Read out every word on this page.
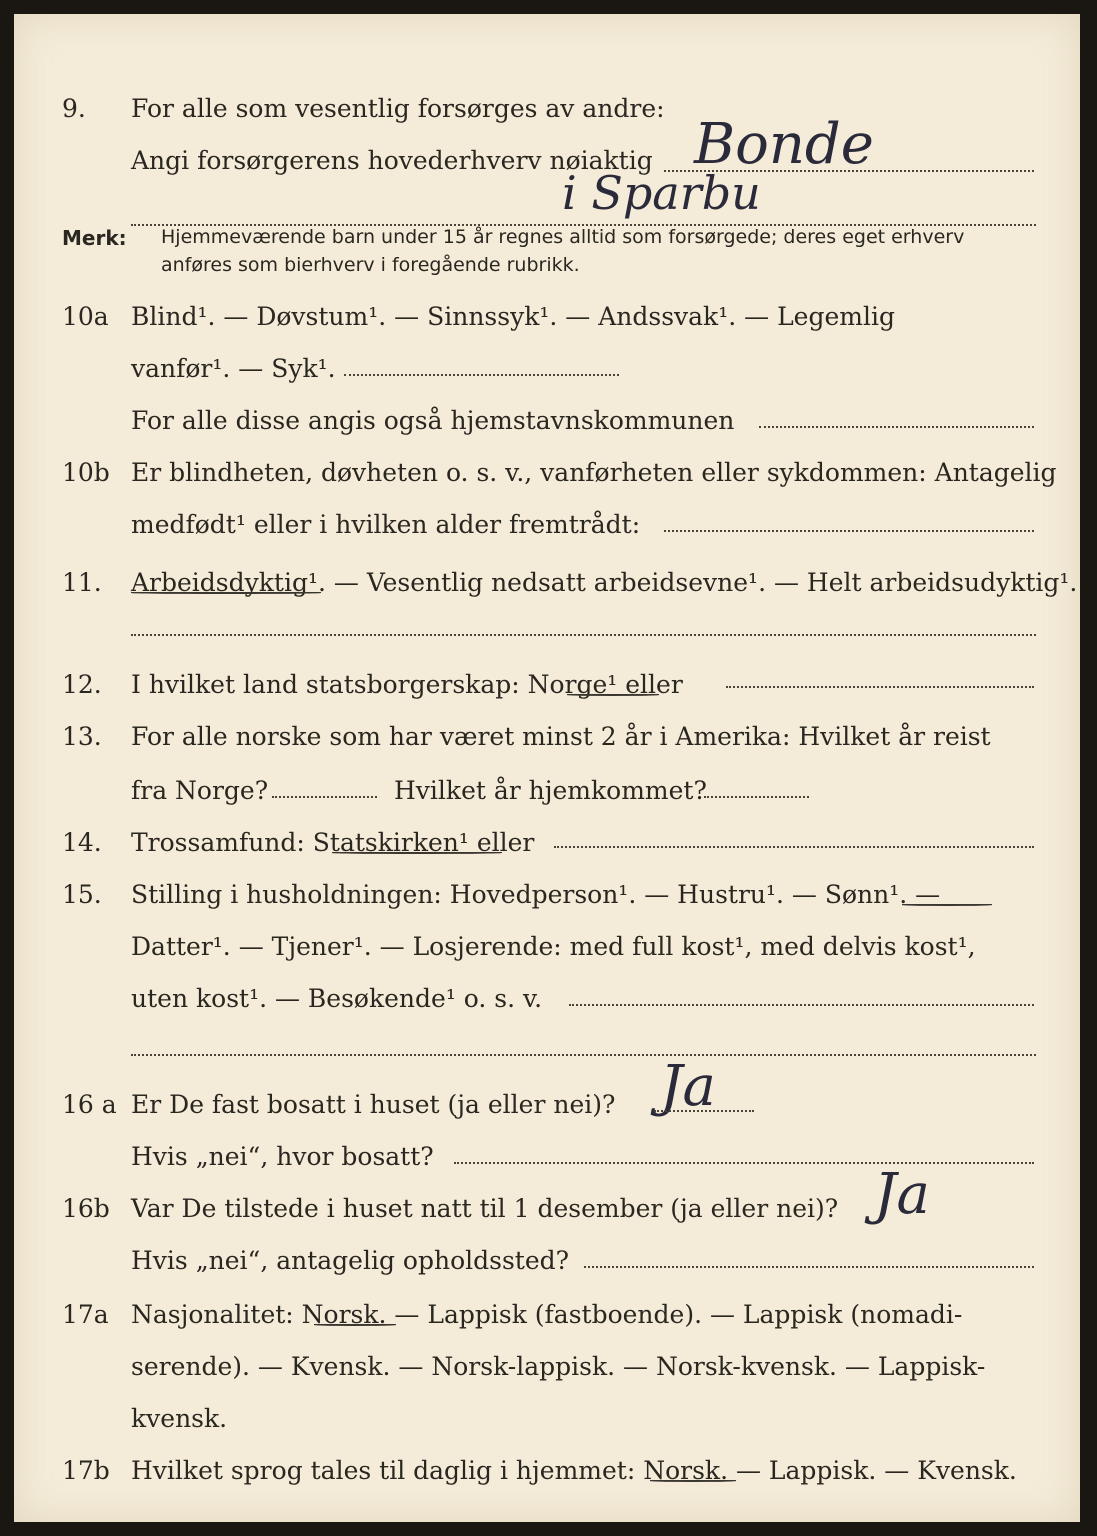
9.	For alle som vesentlig forsørges av andre:
Angi forsørgerens hovederhverv nøiaktig Bonde
i Sparbu
Merk: Hjemmeværende barn under 15 år regnes alltid som forsørgede; deres eget erhverv
anføres som bierhverv i foregående rubrikk.
10a Blind¹. — Døvstum¹. — Sinnssyk¹. — Andssvak¹. — Legemlig
vanfør¹. — Syk¹.
For alle disse angis også hjemstavnskommunen
10b Er blindheten, døvheten o. s. v., vanførheten eller sykdommen: Antagelig
medfødt¹ eller i hvilken alder fremtrådt:
11.	Arbeidsdyktig¹. — Vesentlig nedsatt arbeidsevne¹. — Helt arbeidsudyktig¹.
12.	I hvilket land statsborgerskap: Norge¹ eller
13.	For alle norske som har været minst 2 år i Amerika: Hvilket år reist
fra Norge?	Hvilket år hjemkommet?
14.	Trossamfund: Statskirken¹ eller
15.	Stilling i husholdningen: Hovedperson¹. — Hustru¹. — Sønn¹. —
Datter¹. — Tjener¹. — Losjerende: med full kost¹, med delvis kost¹,
uten kost¹. — Besøkende¹ o. s. v.
16 a Er De fast bosatt i huset (ja eller nei)? Ja
Hvis „nei“, hvor bosatt?
16b Var De tilstede i huset natt til 1 desember (ja eller nei)? Ja
Hvis „nei“, antagelig opholdssted?
17a Nasjonalitet: Norsk. — Lappisk (fastboende). — Lappisk (nomadi-
serende). — Kvensk. — Norsk-lappisk. — Norsk-kvensk. — Lappisk-
kvensk.
17b Hvilket sprog tales til daglig i hjemmet: Norsk. — Lappisk. — Kvensk.
